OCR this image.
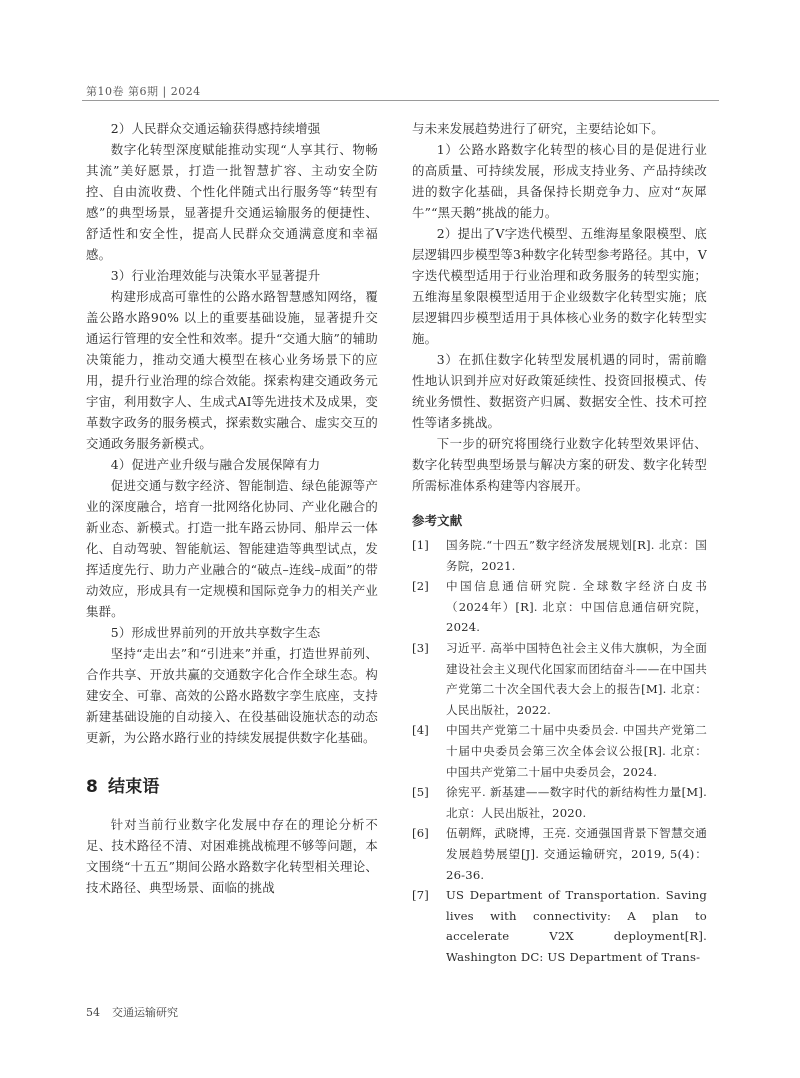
第10卷 第6期 | 2024

2）人民群众交通运输获得感持续增强

数字化转型深度赋能推动实现“人享其行、物畅其流”美好愿景，打造一批智慧扩容、主动安全防控、自由流收费、个性化伴随式出行服务等“转型有感”的典型场景，显著提升交通运输服务的便捷性、舒适性和安全性，提高人民群众交通满意度和幸福感。

3）行业治理效能与决策水平显著提升

构建形成高可靠性的公路水路智慧感知网络，覆盖公路水路90% 以上的重要基础设施，显著提升交通运行管理的安全性和效率。提升“交通大脑”的辅助决策能力，推动交通大模型在核心业务场景下的应用，提升行业治理的综合效能。探索构建交通政务元宇宙，利用数字人、生成式AI等先进技术及成果，变革数字政务的服务模式，探索数实融合、虚实交互的交通政务服务新模式。

4）促进产业升级与融合发展保障有力

促进交通与数字经济、智能制造、绿色能源等产业的深度融合，培育一批网络化协同、产业化融合的新业态、新模式。打造一批车路云协同、船岸云一体化、自动驾驶、智能航运、智能建造等典型试点，发挥适度先行、助力产业融合的“破点–连线–成面”的带动效应，形成具有一定规模和国际竞争力的相关产业集群。

5）形成世界前列的开放共享数字生态

坚持“走出去”和“引进来”并重，打造世界前列、合作共享、开放共赢的交通数字化合作全球生态。构建安全、可靠、高效的公路水路数字孪生底座，支持新建基础设施的自动接入、在役基础设施状态的动态更新，为公路水路行业的持续发展提供数字化基础。

8 结束语

针对当前行业数字化发展中存在的理论分析不足、技术路径不清、对困难挑战梳理不够等问题，本文围绕“十五五”期间公路水路数字化转型相关理论、技术路径、典型场景、面临的挑战

与未来发展趋势进行了研究，主要结论如下。

1）公路水路数字化转型的核心目的是促进行业的高质量、可持续发展，形成支持业务、产品持续改进的数字化基础，具备保持长期竞争力、应对“灰犀牛”“黑天鹅”挑战的能力。

2）提出了V字迭代模型、五维海星象限模型、底层逻辑四步模型等3种数字化转型参考路径。其中，V字迭代模型适用于行业治理和政务服务的转型实施；五维海星象限模型适用于企业级数字化转型实施；底层逻辑四步模型适用于具体核心业务的数字化转型实施。

3）在抓住数字化转型发展机遇的同时，需前瞻性地认识到并应对好政策延续性、投资回报模式、传统业务惯性、数据资产归属、数据安全性、技术可控性等诸多挑战。

下一步的研究将围绕行业数字化转型效果评估、数字化转型典型场景与解决方案的研发、数字化转型所需标准体系构建等内容展开。

参考文献
[1]	国务院.“十四五”数字经济发展规划[R]. 北京：国务院，2021.
[2]	中国信息通信研究院. 全球数字经济白皮书（2024年）[R]. 北京：中国信息通信研究院，2024.
[3]	习近平. 高举中国特色社会主义伟大旗帜，为全面建设社会主义现代化国家而团结奋斗——在中国共产党第二十次全国代表大会上的报告[M]. 北京：人民出版社，2022.
[4]	中国共产党第二十届中央委员会. 中国共产党第二十届中央委员会第三次全体会议公报[R]. 北京：中国共产党第二十届中央委员会，2024.
[5]	徐宪平. 新基建——数字时代的新结构性力量[M]. 北京：人民出版社，2020.
[6]	伍朝辉，武晓博，王亮. 交通强国背景下智慧交通发展趋势展望[J]. 交通运输研究，2019, 5(4)：26-36.
[7]	US Department of Transportation. Saving lives with connectivity: A plan to accelerate V2X deployment[R]. Washington DC: US Department of Trans-
54 交通运输研究
